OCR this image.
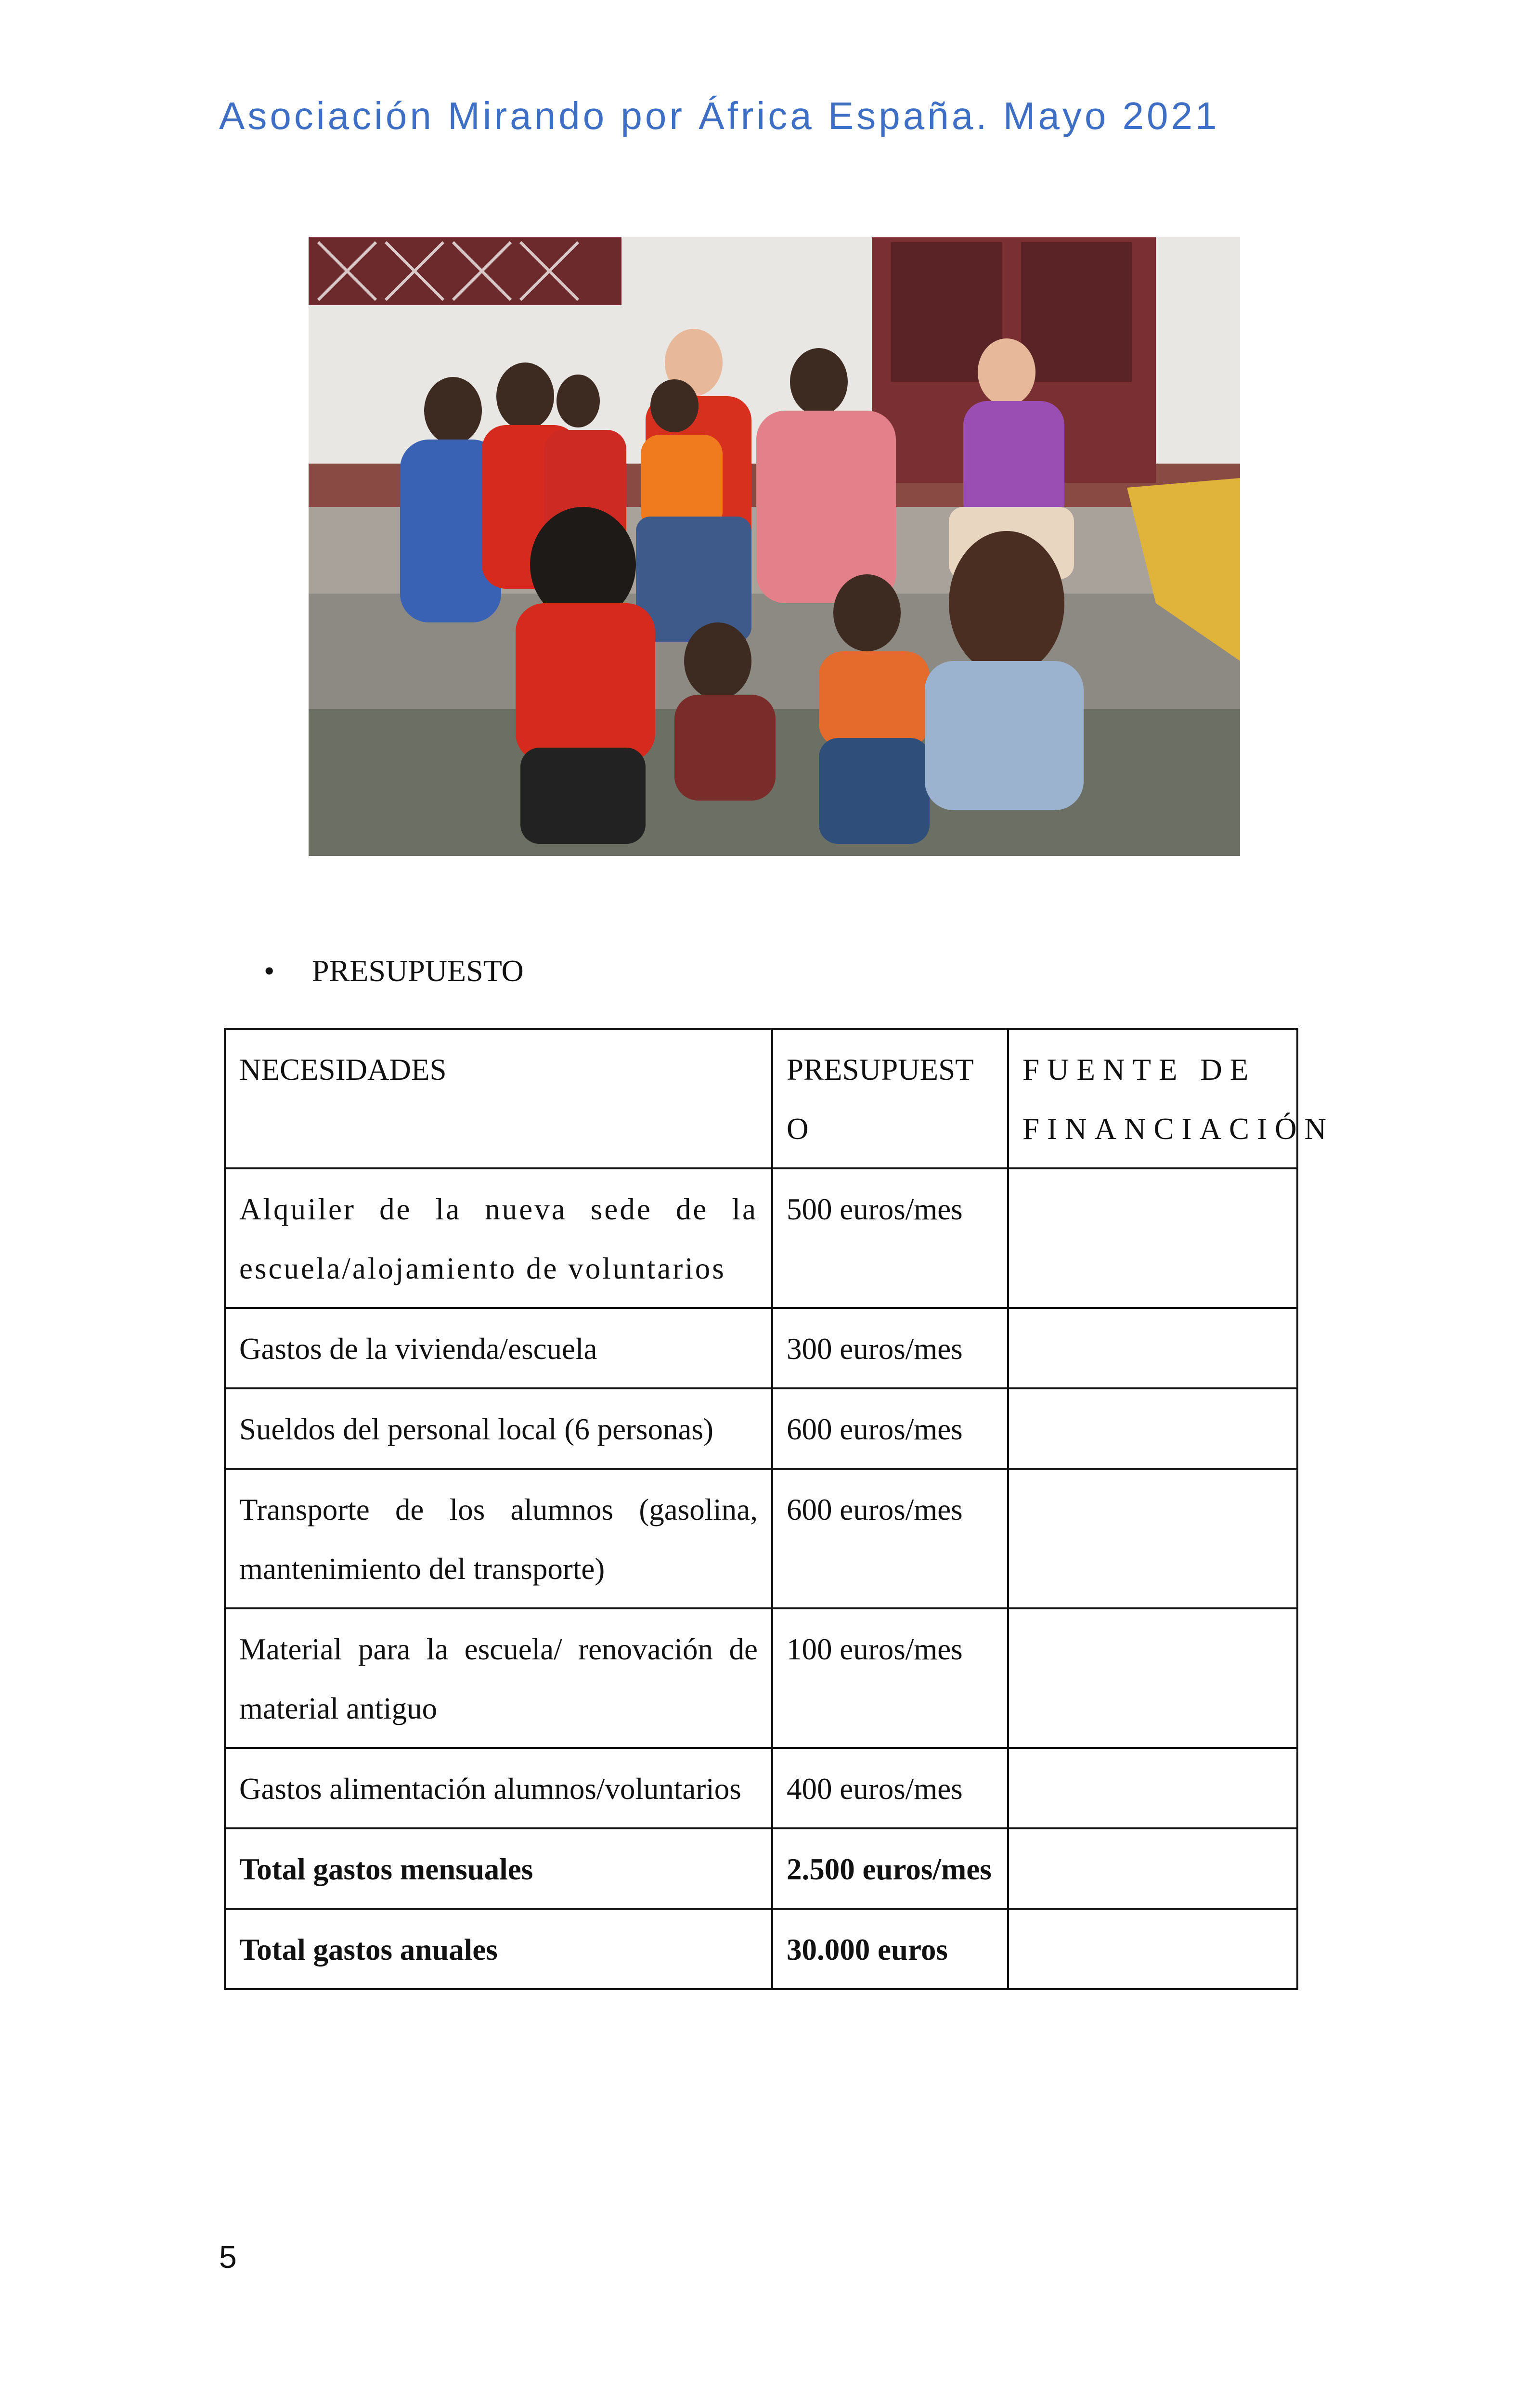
Asociación Mirando por África España. Mayo 2021
• PRESUPUESTO
NECESIDADES	PRESUPUESTO	FUENTE DE FINANCIACIÓN
Alquiler de la nueva sede de la escuela/alojamiento de voluntarios	500 euros/mes	
Gastos de la vivienda/escuela	300 euros/mes	
Sueldos del personal local (6 personas)	600 euros/mes	
Transporte de los alumnos (gasolina, mantenimiento del transporte)	600 euros/mes	
Material para la escuela/ renovación de material antiguo	100 euros/mes	
Gastos alimentación alumnos/voluntarios	400 euros/mes	
Total gastos mensuales	2.500 euros/mes	
Total gastos anuales	30.000 euros	
5
